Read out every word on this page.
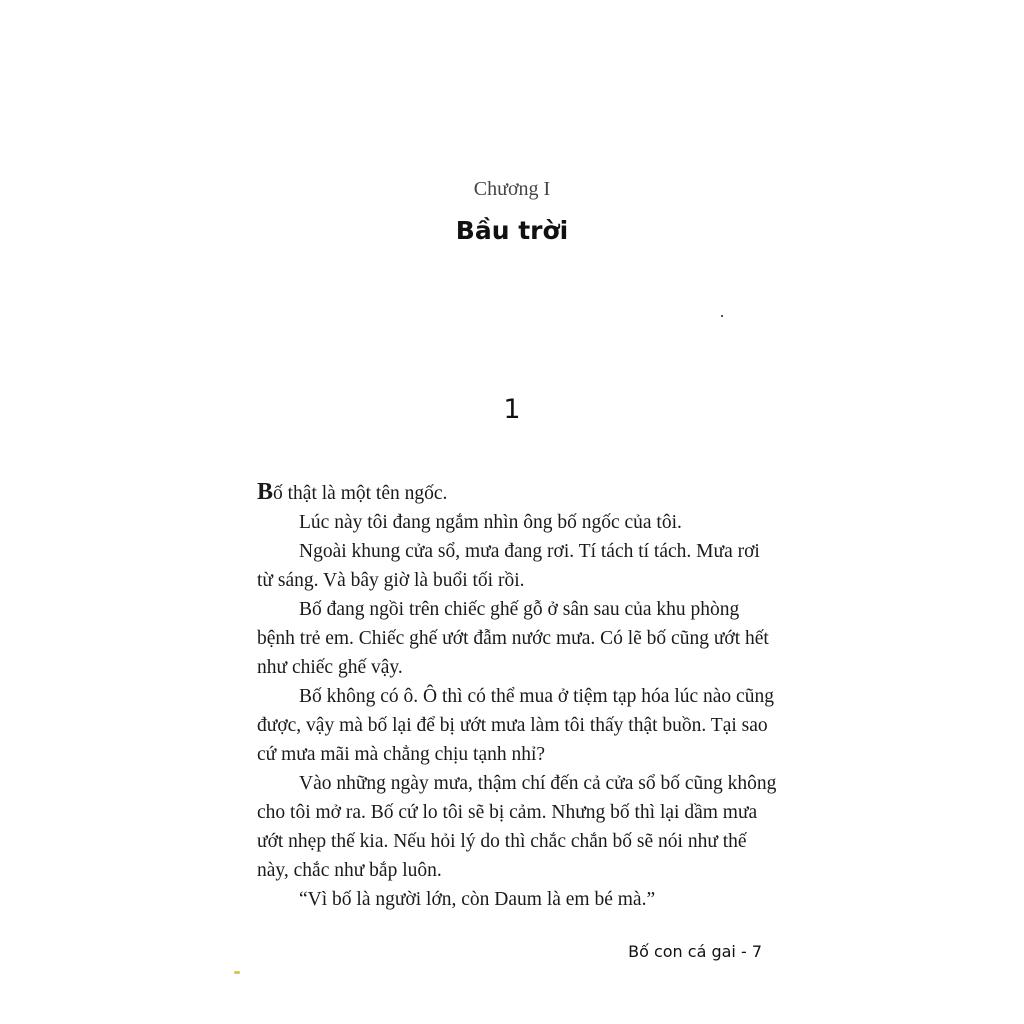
Chương I
Bầu trời
1

Bố thật là một tên ngốc.

Lúc này tôi đang ngắm nhìn ông bố ngốc của tôi.

Ngoài khung cửa sổ, mưa đang rơi. Tí tách tí tách. Mưa rơi từ sáng. Và bây giờ là buổi tối rồi.

Bố đang ngồi trên chiếc ghế gỗ ở sân sau của khu phòng bệnh trẻ em. Chiếc ghế ướt đẫm nước mưa. Có lẽ bố cũng ướt hết như chiếc ghế vậy.

Bố không có ô. Ô thì có thể mua ở tiệm tạp hóa lúc nào cũng được, vậy mà bố lại để bị ướt mưa làm tôi thấy thật buồn. Tại sao cứ mưa mãi mà chẳng chịu tạnh nhỉ?

Vào những ngày mưa, thậm chí đến cả cửa sổ bố cũng không cho tôi mở ra. Bố cứ lo tôi sẽ bị cảm. Nhưng bố thì lại dầm mưa ướt nhẹp thế kia. Nếu hỏi lý do thì chắc chắn bố sẽ nói như thế này, chắc như bắp luôn.

“Vì bố là người lớn, còn Daum là em bé mà.”

Bố con cá gai - 7
